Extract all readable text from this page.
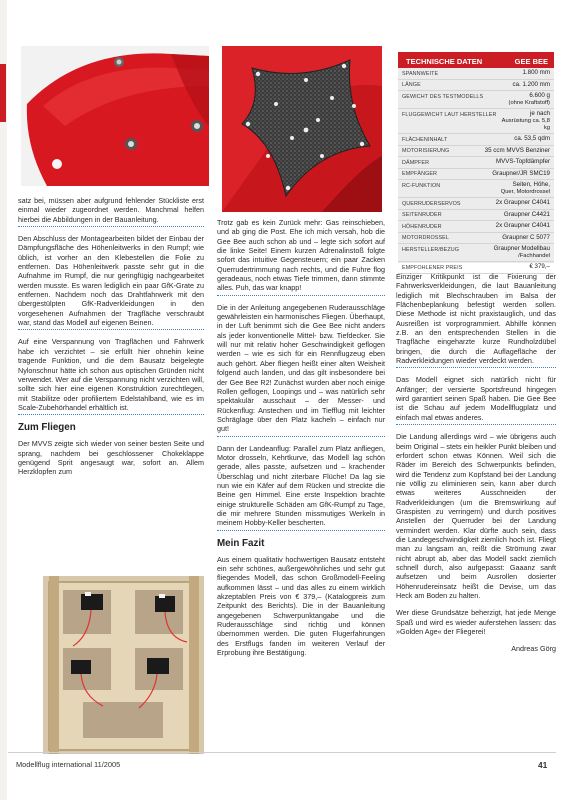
satz bei, müssen aber aufgrund fehlender Stückliste erst einmal wieder zugeordnet werden. Manchmal helfen hierbei die Abbildungen in der Bauanleitung.

Den Abschluss der Montagearbeiten bildet der Einbau der Dämpfungsfläche des Höhenleitwerks in den Rumpf; wie üblich, ist vorher an den Klebestellen die Folie zu entfernen. Das Höhenleitwerk passte sehr gut in die Aufnahme im Rumpf, die nur geringfügig nachgearbeitet werden musste. Es waren lediglich ein paar GfK-Grate zu entfernen. Nachdem noch das Drahtfahrwerk mit den übergestülpten GfK-Radverkleidungen in den vorgesehenen Aufnahmen der Tragfläche verschraubt war, stand das Modell auf eigenen Beinen.

Auf eine Verspannung von Tragflächen und Fahrwerk habe ich verzichtet – sie erfüllt hier ohnehin keine tragende Funktion, und die dem Bausatz beigelegte Nylonschnur hätte ich schon aus optischen Gründen nicht verwendet. Wer auf die Verspannung nicht verzichten will, sollte sich hier eine eigenen Konstruktion zurechtlegen, mit Stabilitze oder profiliertem Edelstahlband, wie es im Scale-Zubehörhandel erhältlich ist.

Zum Fliegen

Der MVVS zeigte sich wieder von seiner besten Seite und sprang, nachdem bei geschlossener Chokeklappe genügend Sprit angesaugt war, sofort an. Allem Herzklopfen zum

Trotz gab es kein Zurück mehr: Gas reinschieben, und ab ging die Post. Ehe ich mich versah, hob die Gee Bee auch schon ab und – legte sich sofort auf die linke Seite! Einem kurzen Adrenalinstoß folgte sofort das intuitive Gegensteuern; ein paar Zacken Querrudertrimmung nach rechts, und die Fuhre flog geradeaus, noch etwas Tiefe trimmen, dann stimmte alles. Puh, das war knapp!

Die in der Anleitung angegebenen Ruderausschläge gewährleisten ein harmonisches Fliegen. Überhaupt, in der Luft benimmt sich die Gee Bee nicht anders als jeder konventionelle Mittel- bzw. Tiefdecker. Sie will nur mit relativ hoher Geschwindigkeit geflogen werden – wie es sich für ein Rennflugzeug eben auch gehört. Aber fliegen heißt einer alten Weisheit folgend auch landen, und das gilt insbesondere bei der Gee Bee R2! Zunächst wurden aber noch einige Rollen geflogen, Loopings und – was natürlich sehr spektakulär ausschaut – der Messer- und Rückenflug: Anstechen und im Tiefflug mit leichter Schräglage über den Platz kacheln – einfach nur gut!

Dann der Landeanflug: Parallel zum Platz anfliegen, Motor drosseln, Kehrtkurve, das Modell lag schön gerade, alles passte, aufsetzen und – krachender Überschlag und nicht ziterbare Flüche! Da lag sie nun wie ein Käfer auf dem Rücken und streckte die Beine gen Himmel. Eine erste Inspektion brachte einige strukturelle Schäden am GfK-Rumpf zu Tage, die mir mehrere Stunden missmutiges Werkeln in meinem Hobby-Keller bescherten.

Mein Fazit

Aus einem qualitativ hochwertigen Bausatz entsteht ein sehr schönes, außergewöhnliches und sehr gut fliegendes Modell, das schon Großmodell-Feeling aufkommen lässt – und das alles zu einem wirklich akzeptablen Preis von € 379,– (Katalogpreis zum Zeitpunkt des Berichts). Die in der Bauanleitung angegebenen Schwerpunktangabe und die Ruderausschläge sind richtig und können übernommen werden. Die guten Flugerfahrungen des Erstflugs fanden im weiteren Verlauf der Erprobung ihre Bestätigung.

TECHNISCHE DATEN	GEE BEE
SPANNWEITE	1.800 mm
LÄNGE	ca. 1.200 mm
GEWICHT DES TESTMODELLS	6.600 g
(ohne Kraftstoff)
FLUGGEWICHT LAUT HERSTELLER	je nach
Ausrüstung ca. 5,8 kg
FLÄCHENINHALT	ca. 53,5 qdm
MOTORISIERUNG	35 ccm MVVS Benziner
DÄMPFER	MVVS-Topfdämpfer
EMPFÄNGER	Graupner/JR SMC19
RC-FUNKTION	Seiten, Höhe,
Quer, Motordrossel
QUERRUDERSERVOS	2x Graupner C4041
SEITENRUDER	Graupner C4421
HÖHENRUDER	2x Graupner C4041
MOTORDROSSEL	Graupner C 5077
HERSTELLER/BEZUG	Graupner Modellbau
/Fachhandel
EMPFOHLENER PREIS	€ 379,–

Einziger Kritikpunkt ist die Fixierung der Fahrwerksverkleidungen, die laut Bauanleitung lediglich mit Blechschrauben im Balsa der Flächenbeplankung befestigt werden sollen. Diese Methode ist nicht praxistauglich, und das Ausreißen ist vorprogrammiert. Abhilfe können z.B. an den entsprechenden Stellen in die Tragfläche eingeharzte kurze Rundholzdübel bringen, die durch die Auflagefläche der Radverkleidungen wieder verdeckt werden.

Das Modell eignet sich natürlich nicht für Anfänger; der versierte Sportsfreund hingegen wird garantiert seinen Spaß haben. Die Gee Bee ist die Schau auf jedem Modellflugplatz und einfach mal etwas anderes.

Die Landung allerdings wird – wie übrigens auch beim Original – stets ein heikler Punkt bleiben und erfordert schon etwas Können. Weil sich die Räder im Bereich des Schwerpunkts befinden, wird die Tendenz zum Kopfstand bei der Landung nie völlig zu eliminieren sein, kann aber durch etwas weiteres Ausschneiden der Radverkleidungen (um die Bremswirkung auf Graspisten zu verringern) und durch positives Anstellen der Querruder bei der Landung vermindert werden. Klar dürfte auch sein, dass die Landegeschwindigkeit ziemlich hoch ist. Fliegt man zu langsam an, reißt die Strömung zwar nicht abrupt ab, aber das Modell sackt ziemlich schnell durch, also aufgepasst: Gaaanz sanft aufsetzen und beim Ausrollen dosierter Höhenrudereinsatz heißt die Devise, um das Heck am Boden zu halten.

Wer diese Grundsätze beherzigt, hat jede Menge Spaß und wird es wieder auferstehen lassen: das »Golden Age« der Fliegerei!

Andreas Görg
Modellflug international 11/2005	41
